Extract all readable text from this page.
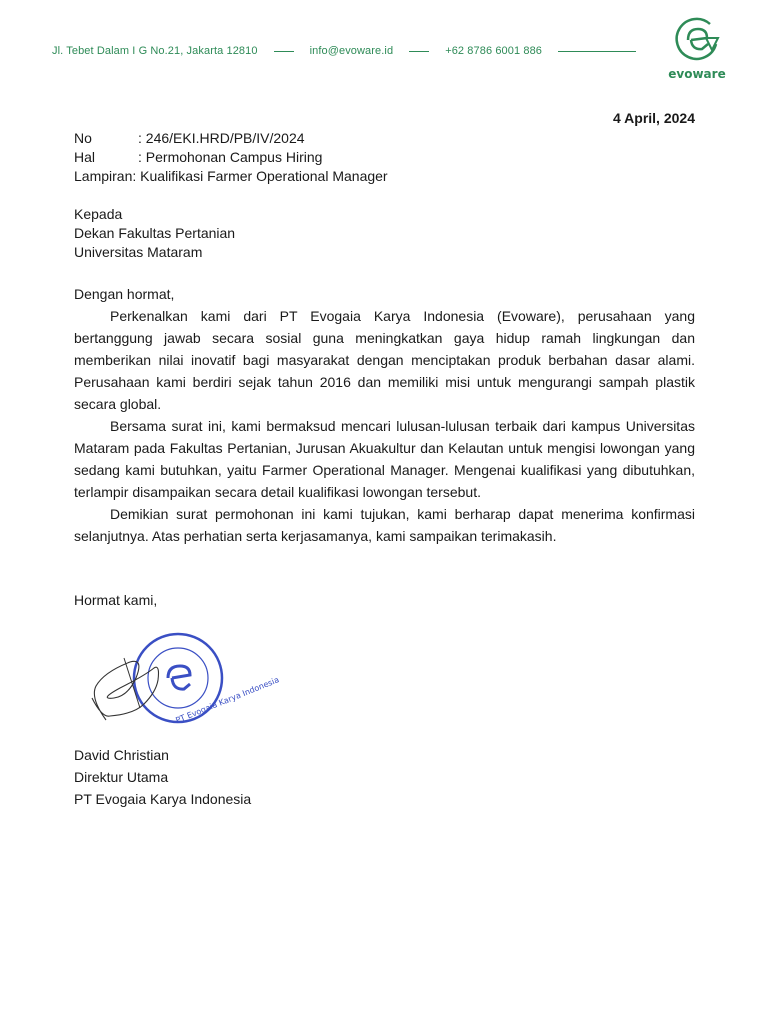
Jl. Tebet Dalam I G No.21, Jakarta 12810	info@evoware.id	+62 8786 6001 886
evoware
4 April, 2024
No	: 246/EKI.HRD/PB/IV/2024
Hal	: Permohonan Campus Hiring
Lampiran : Kualifikasi Farmer Operational Manager
Kepada
Dekan Fakultas Pertanian
Universitas Mataram

Dengan hormat,

Perkenalkan kami dari PT Evogaia Karya Indonesia (Evoware), perusahaan yang bertanggung jawab secara sosial guna meningkatkan gaya hidup ramah lingkungan dan memberikan nilai inovatif bagi masyarakat dengan menciptakan produk berbahan dasar alami. Perusahaan kami berdiri sejak tahun 2016 dan memiliki misi untuk mengurangi sampah plastik secara global.

Bersama surat ini, kami bermaksud mencari lulusan-lulusan terbaik dari kampus Universitas Mataram pada Fakultas Pertanian, Jurusan Akuakultur dan Kelautan untuk mengisi lowongan yang sedang kami butuhkan, yaitu Farmer Operational Manager. Mengenai kualifikasi yang dibutuhkan, terlampir disampaikan secara detail kualifikasi lowongan tersebut.

Demikian surat permohonan ini kami tujukan, kami berharap dapat menerima konfirmasi selanjutnya. Atas perhatian serta kerjasamanya, kami sampaikan terimakasih.

Hormat kami,
PT Evogaia Karya Indonesia
David Christian
Direktur Utama
PT Evogaia Karya Indonesia
